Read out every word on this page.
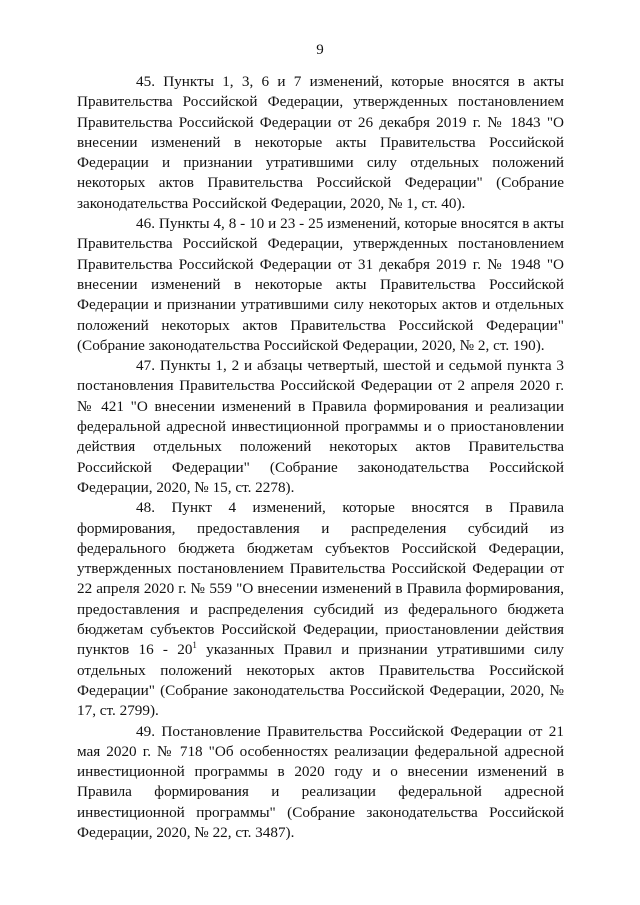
9

45. Пункты 1, 3, 6 и 7 изменений, которые вносятся в акты Правительства Российской Федерации, утвержденных постановлением Правительства Российской Федерации от 26 декабря 2019 г. № 1843 "О внесении изменений в некоторые акты Правительства Российской Федерации и признании утратившими силу отдельных положений некоторых актов Правительства Российской Федерации" (Собрание законодательства Российской Федерации, 2020, № 1, ст. 40).

46. Пункты 4, 8 - 10 и 23 - 25 изменений, которые вносятся в акты Правительства Российской Федерации, утвержденных постановлением Правительства Российской Федерации от 31 декабря 2019 г. № 1948 "О внесении изменений в некоторые акты Правительства Российской Федерации и признании утратившими силу некоторых актов и отдельных положений некоторых актов Правительства Российской Федерации" (Собрание законодательства Российской Федерации, 2020, № 2, ст. 190).

47. Пункты 1, 2 и абзацы четвертый, шестой и седьмой пункта 3 постановления Правительства Российской Федерации от 2 апреля 2020 г. № 421 "О внесении изменений в Правила формирования и реализации федеральной адресной инвестиционной программы и о приостановлении действия отдельных положений некоторых актов Правительства Российской Федерации" (Собрание законодательства Российской Федерации, 2020, № 15, ст. 2278).

48. Пункт 4 изменений, которые вносятся в Правила формирования, предоставления и распределения субсидий из федерального бюджета бюджетам субъектов Российской Федерации, утвержденных постановлением Правительства Российской Федерации от 22 апреля 2020 г. № 559 "О внесении изменений в Правила формирования, предоставления и распределения субсидий из федерального бюджета бюджетам субъектов Российской Федерации, приостановлении действия пунктов $16 - 20^1$ указанных Правил и признании утратившими силу отдельных положений некоторых актов Правительства Российской Федерации" (Собрание законодательства Российской Федерации, 2020, № 17, ст. 2799).

49. Постановление Правительства Российской Федерации от 21 мая 2020 г. № 718 "Об особенностях реализации федеральной адресной инвестиционной программы в 2020 году и о внесении изменений в Правила формирования и реализации федеральной адресной инвестиционной программы" (Собрание законодательства Российской Федерации, 2020, № 22, ст. 3487).
